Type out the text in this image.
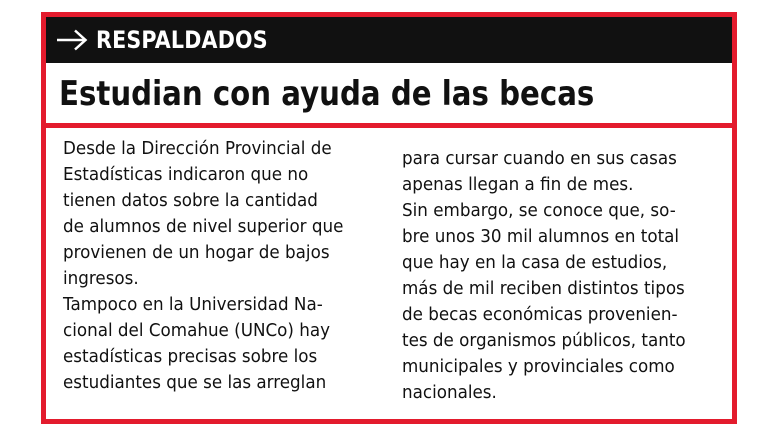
RESPALDADOS
Estudian con ayuda de las becas
Desde la Dirección Provincial de
Estadísticas indicaron que no
tienen datos sobre la cantidad
de alumnos de nivel superior que
provienen de un hogar de bajos
ingresos.
Tampoco en la Universidad Na-
cional del Comahue (UNCo) hay
estadísticas precisas sobre los
estudiantes que se las arreglan
para cursar cuando en sus casas
apenas llegan a fin de mes.
Sin embargo, se conoce que, so-
bre unos 30 mil alumnos en total
que hay en la casa de estudios,
más de mil reciben distintos tipos
de becas económicas provenien-
tes de organismos públicos, tanto
municipales y provinciales como
nacionales.
